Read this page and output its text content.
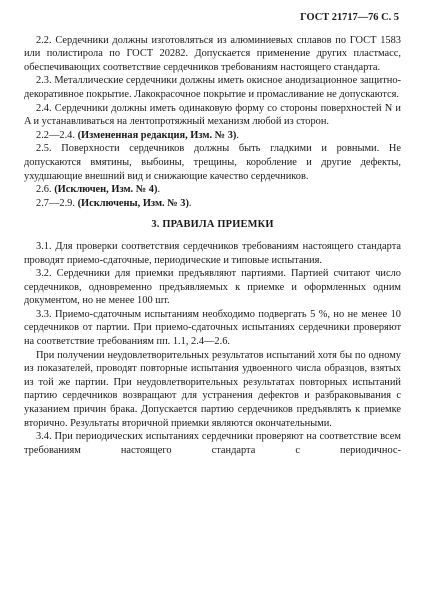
ГОСТ 21717—76 С. 5

2.2. Сердечники должны изготовляться из алюминиевых сплавов по ГОСТ 1583 или полистирола по ГОСТ 20282. Допускается применение других пластмасс, обеспечивающих соответствие сердечников требованиям настоящего стандарта.

2.3. Металлические сердечники должны иметь окисное анодизационное защитно-декоративное покрытие. Лакокрасочное покрытие и промасливание не допускаются.

2.4. Сердечники должны иметь одинаковую форму со стороны поверхностей N и A и устанавливаться на лентопротяжный механизм любой из сторон.

2.2—2.4. (Измененная редакция, Изм. № 3).

2.5. Поверхности сердечников должны быть гладкими и ровными. Не допускаются вмятины, выбоины, трещины, коробление и другие дефекты, ухудшающие внешний вид и снижающие качество сердечников.

2.6. (Исключен, Изм. № 4).

2.7—2.9. (Исключены, Изм. № 3).

3. ПРАВИЛА ПРИЕМКИ

3.1. Для проверки соответствия сердечников требованиям настоящего стандарта проводят приемо-сдаточные, периодические и типовые испытания.

3.2. Сердечники для приемки предъявляют партиями. Партией считают число сердечников, одновременно предъявляемых к приемке и оформленных одним документом, но не менее 100 шт.

3.3. Приемо-сдаточным испытаниям необходимо подвергать 5 %, но не менее 10 сердечников от партии. При приемо-сдаточных испытаниях сердечники проверяют на соответствие требованиям пп. 1.1, 2.4—2.6.

При получении неудовлетворительных результатов испытаний хотя бы по одному из показателей, проводят повторные испытания удвоенного числа образцов, взятых из той же партии. При неудовлетворительных результатах повторных испытаний партию сердечников возвращают для устранения дефектов и разбраковывания с указанием причин брака. Допускается партию сердечников предъявлять к приемке вторично. Результаты вторичной приемки являются окончательными.

3.4. При периодических испытаниях сердечники проверяют на соответствие всем требованиям настоящего стандарта с периодичнос-
